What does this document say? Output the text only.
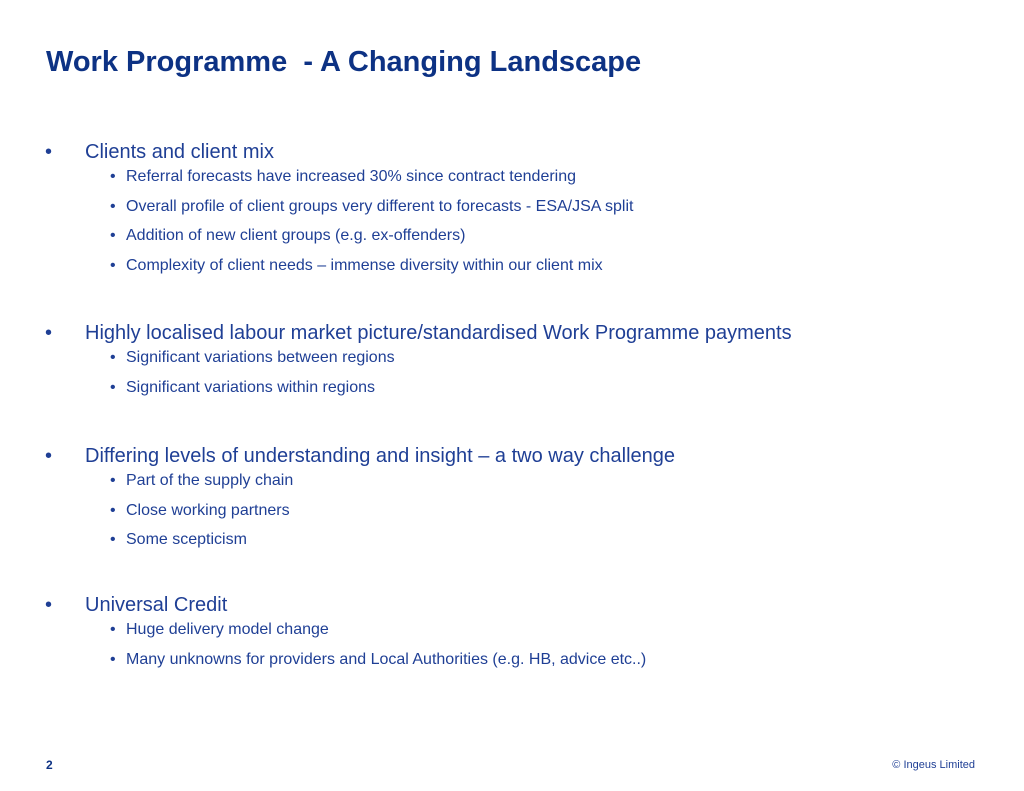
Work Programme  - A Changing Landscape
• Clients and client mix
• Referral forecasts have increased 30% since contract tendering
• Overall profile of client groups very different to forecasts - ESA/JSA split
• Addition of new client groups (e.g. ex-offenders)
• Complexity of client needs – immense diversity within our client mix
• Highly localised labour market picture/standardised Work Programme payments
• Significant variations between regions
• Significant variations within regions
• Differing levels of understanding and insight – a two way challenge
• Part of the supply chain
• Close working partners
• Some scepticism
• Universal Credit
• Huge delivery model change
• Many unknowns for providers and Local Authorities (e.g. HB, advice etc..)
2	© Ingeus Limited
